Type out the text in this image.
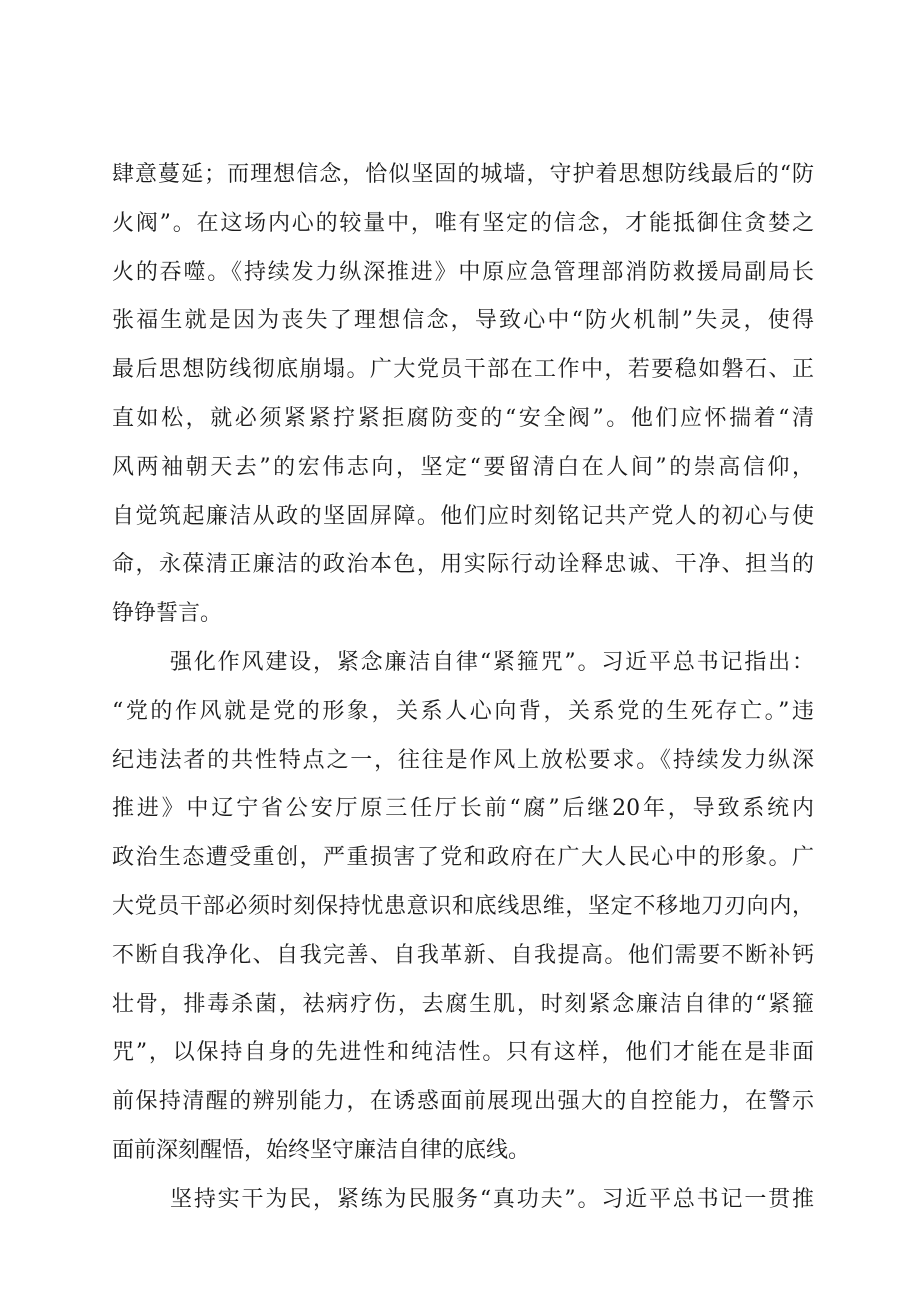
肆意蔓延；而理想信念，恰似坚固的城墙，守护着思想防线最后的“防
火阀”。在这场内心的较量中，唯有坚定的信念，才能抵御住贪婪之
火的吞噬。《持续发力纵深推进》中原应急管理部消防救援局副局长
张福生就是因为丧失了理想信念，导致心中“防火机制”失灵，使得
最后思想防线彻底崩塌。广大党员干部在工作中，若要稳如磐石、正
直如松，就必须紧紧拧紧拒腐防变的“安全阀”。他们应怀揣着“清
风两袖朝天去”的宏伟志向，坚定“要留清白在人间”的崇高信仰，
自觉筑起廉洁从政的坚固屏障。他们应时刻铭记共产党人的初心与使
命，永葆清正廉洁的政治本色，用实际行动诠释忠诚、干净、担当的
铮铮誓言。
强化作风建设，紧念廉洁自律“紧箍咒”。习近平总书记指出：
“党的作风就是党的形象，关系人心向背，关系党的生死存亡。”违
纪违法者的共性特点之一，往往是作风上放松要求。《持续发力纵深
推进》中辽宁省公安厅原三任厅长前“腐”后继20年，导致系统内
政治生态遭受重创，严重损害了党和政府在广大人民心中的形象。广
大党员干部必须时刻保持忧患意识和底线思维，坚定不移地刀刃向内，
不断自我净化、自我完善、自我革新、自我提高。他们需要不断补钙
壮骨，排毒杀菌，祛病疗伤，去腐生肌，时刻紧念廉洁自律的“紧箍
咒”，以保持自身的先进性和纯洁性。只有这样，他们才能在是非面
前保持清醒的辨别能力，在诱惑面前展现出强大的自控能力，在警示
面前深刻醒悟，始终坚守廉洁自律的底线。
坚持实干为民，紧练为民服务“真功夫”。习近平总书记一贯推
